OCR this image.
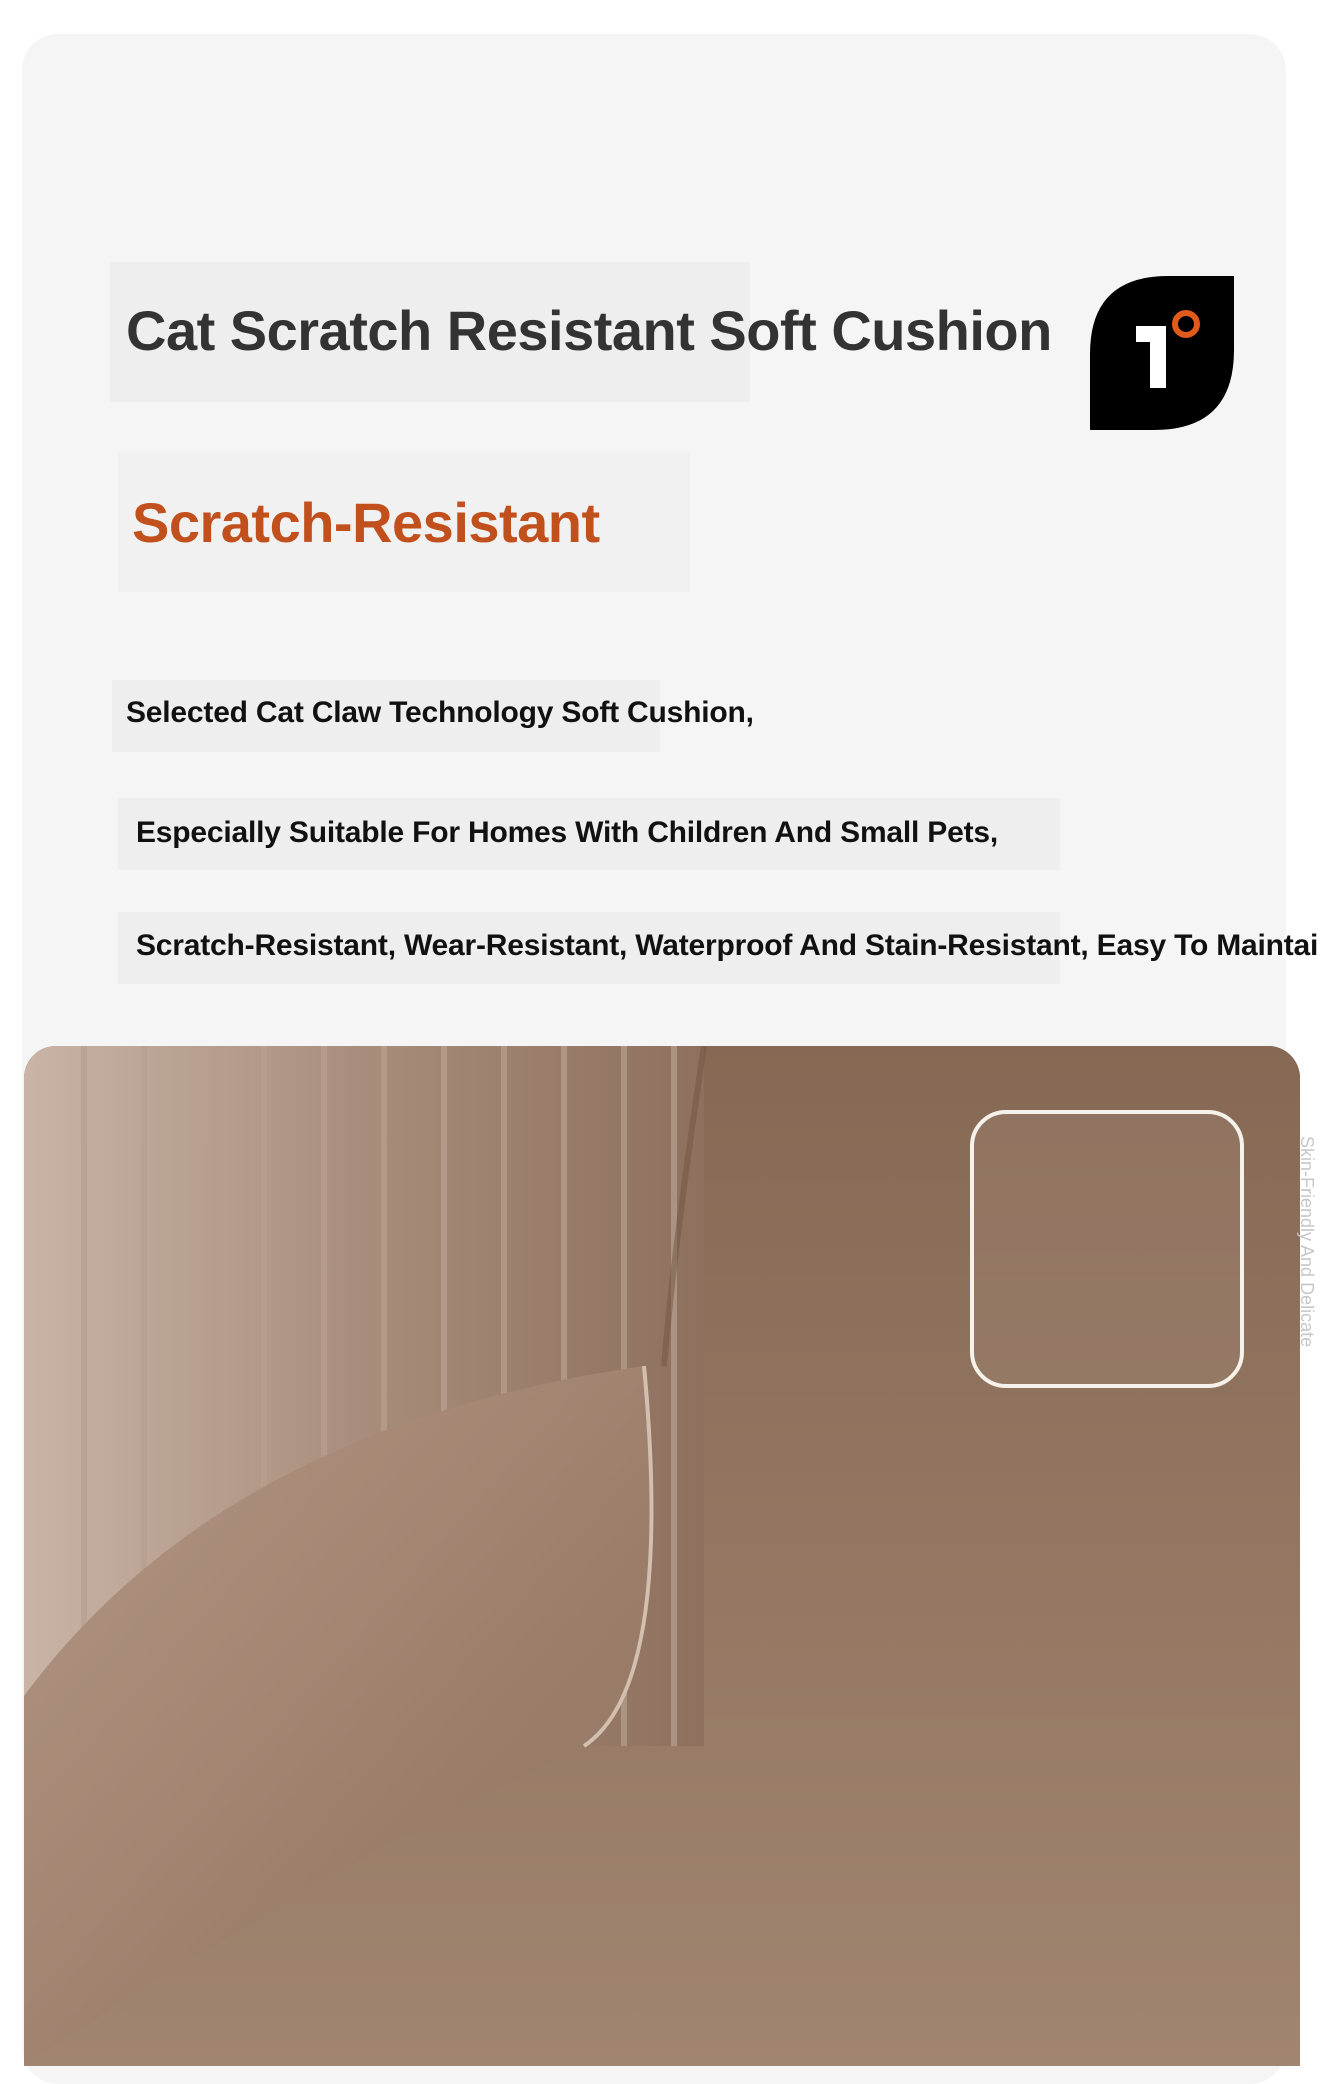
Cat Scratch Resistant Soft Cushion
Scratch-Resistant
Selected Cat Claw Technology Soft Cushion,
Especially Suitable For Homes With Children And Small Pets,
Scratch-Resistant, Wear-Resistant, Waterproof And Stain-Resistant, Easy To Maintai
Skin-Friendly And Delicate
